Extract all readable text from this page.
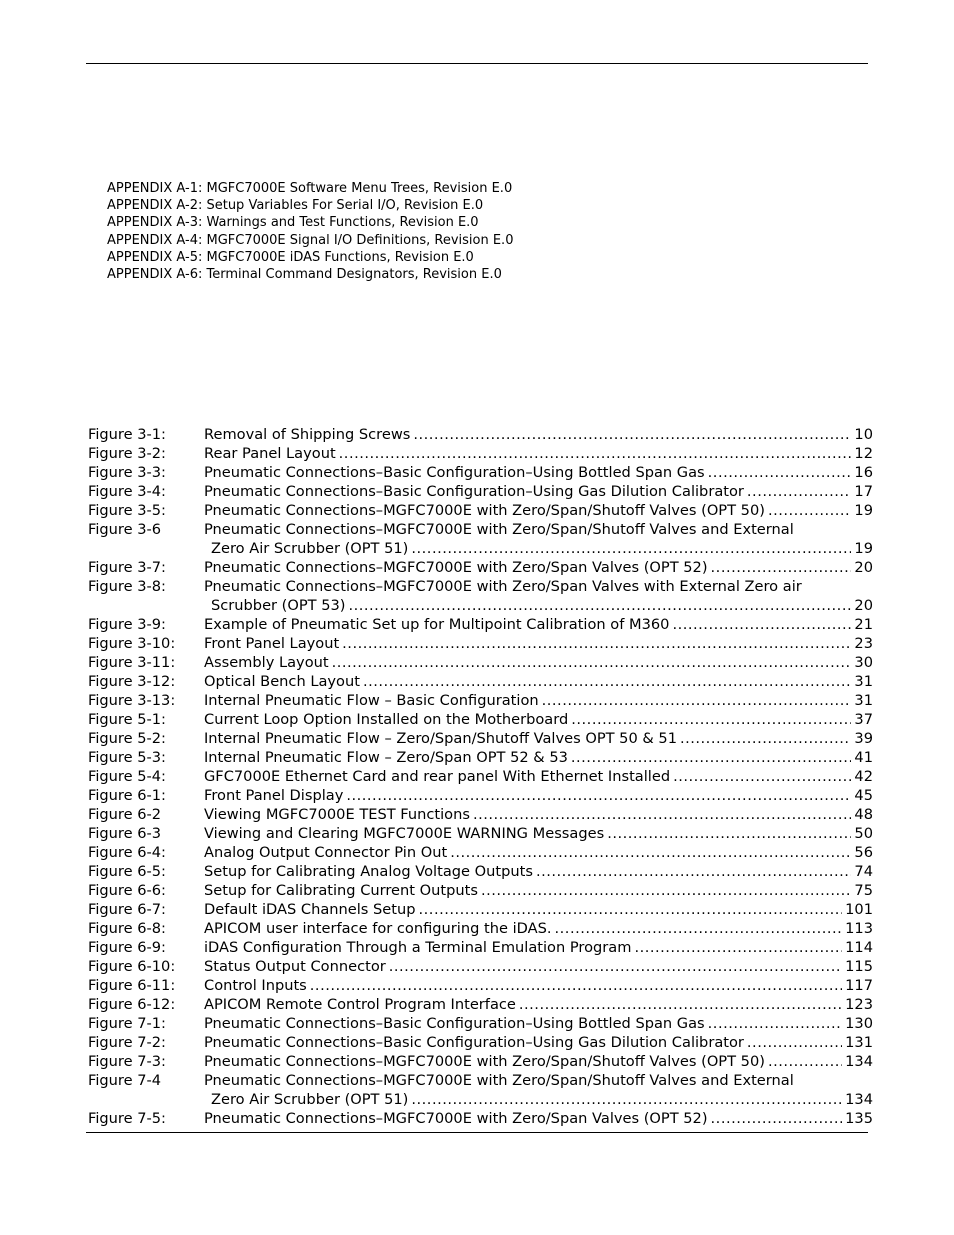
APPENDIX A-1: MGFC7000E Software Menu Trees, Revision E.0
APPENDIX A-2: Setup Variables For Serial I/O, Revision E.0
APPENDIX A-3: Warnings and Test Functions, Revision E.0
APPENDIX A-4: MGFC7000E Signal I/O Definitions, Revision E.0
APPENDIX A-5: MGFC7000E iDAS Functions, Revision E.0
APPENDIX A-6: Terminal Command Designators, Revision E.0
Figure 3-1:	Removal of Shipping Screws .....	10
Figure 3-2:	Rear Panel Layout .....	12
Figure 3-3:	Pneumatic Connections–Basic Configuration–Using Bottled Span Gas .....	16
Figure 3-4:	Pneumatic Connections–Basic Configuration–Using Gas Dilution Calibrator .....	17
Figure 3-5:	Pneumatic Connections–MGFC7000E with Zero/Span/Shutoff Valves (OPT 50) .....	19
Figure 3-6	Pneumatic Connections–MGFC7000E with Zero/Span/Shutoff Valves and External
Zero Air Scrubber (OPT 51) .....	19
Figure 3-7:	Pneumatic Connections–MGFC7000E with Zero/Span Valves (OPT 52) .....	20
Figure 3-8:	Pneumatic Connections–MGFC7000E with Zero/Span Valves with External Zero air
Scrubber (OPT 53) .....	20
Figure 3-9:	Example of Pneumatic Set up for Multipoint Calibration of M360 .....	21
Figure 3-10:	Front Panel Layout .....	23
Figure 3-11:	Assembly Layout .....	30
Figure 3-12:	Optical Bench Layout .....	31
Figure 3-13:	Internal Pneumatic Flow – Basic Configuration .....	31
Figure 5-1:	Current Loop Option Installed on the Motherboard .....	37
Figure 5-2:	Internal Pneumatic Flow – Zero/Span/Shutoff Valves OPT 50 & 51 .....	39
Figure 5-3:	Internal Pneumatic Flow – Zero/Span OPT 52 & 53 .....	41
Figure 5-4:	GFC7000E Ethernet Card and rear panel With Ethernet Installed .....	42
Figure 6-1:	Front Panel Display .....	45
Figure 6-2	Viewing MGFC7000E TEST Functions .....	48
Figure 6-3	Viewing and Clearing MGFC7000E WARNING Messages .....	50
Figure 6-4:	Analog Output Connector Pin Out .....	56
Figure 6-5:	Setup for Calibrating Analog Voltage Outputs .....	74
Figure 6-6:	Setup for Calibrating Current Outputs .....	75
Figure 6-7:	Default iDAS Channels Setup .....	101
Figure 6-8:	APICOM user interface for configuring the iDAS. .....	113
Figure 6-9:	iDAS Configuration Through a Terminal Emulation Program .....	114
Figure 6-10:	Status Output Connector .....	115
Figure 6-11:	Control Inputs .....	117
Figure 6-12:	APICOM Remote Control Program Interface .....	123
Figure 7-1:	Pneumatic Connections–Basic Configuration–Using Bottled Span Gas .....	130
Figure 7-2:	Pneumatic Connections–Basic Configuration–Using Gas Dilution Calibrator .....	131
Figure 7-3:	Pneumatic Connections–MGFC7000E with Zero/Span/Shutoff Valves (OPT 50) .....	134
Figure 7-4	Pneumatic Connections–MGFC7000E with Zero/Span/Shutoff Valves and External
Zero Air Scrubber (OPT 51) .....	134
Figure 7-5:	Pneumatic Connections–MGFC7000E with Zero/Span Valves (OPT 52) .....	135
